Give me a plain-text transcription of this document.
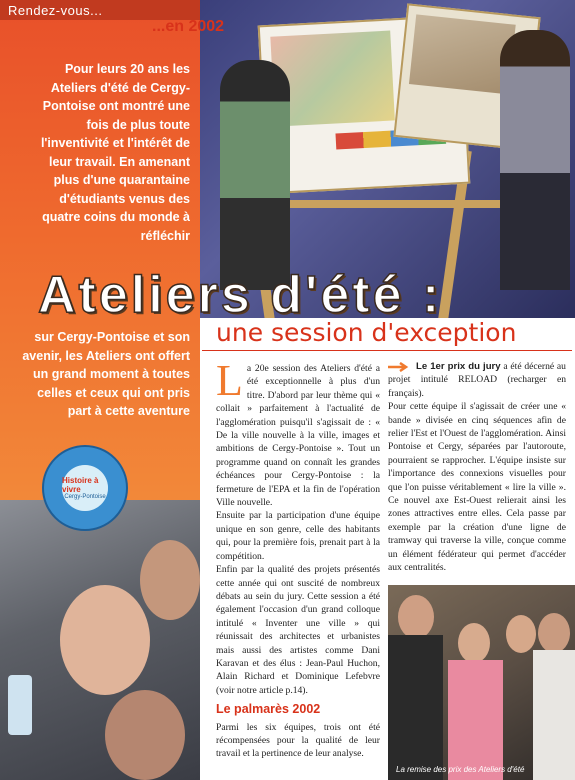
Rendez-vous...
...en 2002
Pour leurs 20 ans les Ateliers d'été de Cergy-Pontoise ont montré une fois de plus toute l'inventivité et l'intérêt de leur travail. En amenant plus d'une quarantaine d'étudiants venus des quatre coins du monde à réfléchir
Ateliers d'été :
une session d'exception
sur Cergy-Pontoise et son avenir, les Ateliers ont offert un grand moment à toutes celles et ceux qui ont pris part à cette aventure
Histoire à vivre
Cergy-Pontoise
L a 20e session des Ateliers d'été a été exceptionnelle à plus d'un titre. D'abord par leur thème qui « collait » parfaitement à l'actualité de l'agglomération puisqu'il s'agissait de : « De la ville nouvelle à la ville, images et ambitions de Cergy-Pontoise ». Tout un programme quand on connaît les grandes échéances pour Cergy-Pontoise : la fermeture de l'EPA et la fin de l'opération Ville nouvelle.
Ensuite par la participation d'une équipe unique en son genre, celle des habitants qui, pour la première fois, prenait part à la compétition.
Enfin par la qualité des projets présentés cette année qui ont suscité de nombreux débats au sein du jury. Cette session a été également l'occasion d'un grand colloque intitulé « Inventer une ville » qui réunissait des architectes et urbanistes mais aussi des artistes comme Dani Karavan et des élus : Jean-Paul Huchon, Alain Richard et Dominique Lefebvre (voir notre article p.14).
Le palmarès 2002
Parmi les six équipes, trois ont été récompensées pour la qualité de leur travail et la pertinence de leur analyse.
Le 1er prix du jury a été décerné au projet intitulé RELOAD (recharger en français).
Pour cette équipe il s'agissait de créer une « bande » divisée en cinq séquences afin de relier l'Est et l'Ouest de l'agglomération. Ainsi Pontoise et Cergy, séparées par l'autoroute, pourraient se rapprocher. L'équipe insiste sur l'importance des connexions visuelles pour que l'on puisse véritablement « lire la ville ». Ce nouvel axe Est-Ouest relierait ainsi les zones attractives entre elles. Cela passe par exemple par la création d'une ligne de tramway qui traverse la ville, conçue comme un élément fédérateur qui permet d'accéder aux centralités.
La remise des prix des Ateliers d'été
